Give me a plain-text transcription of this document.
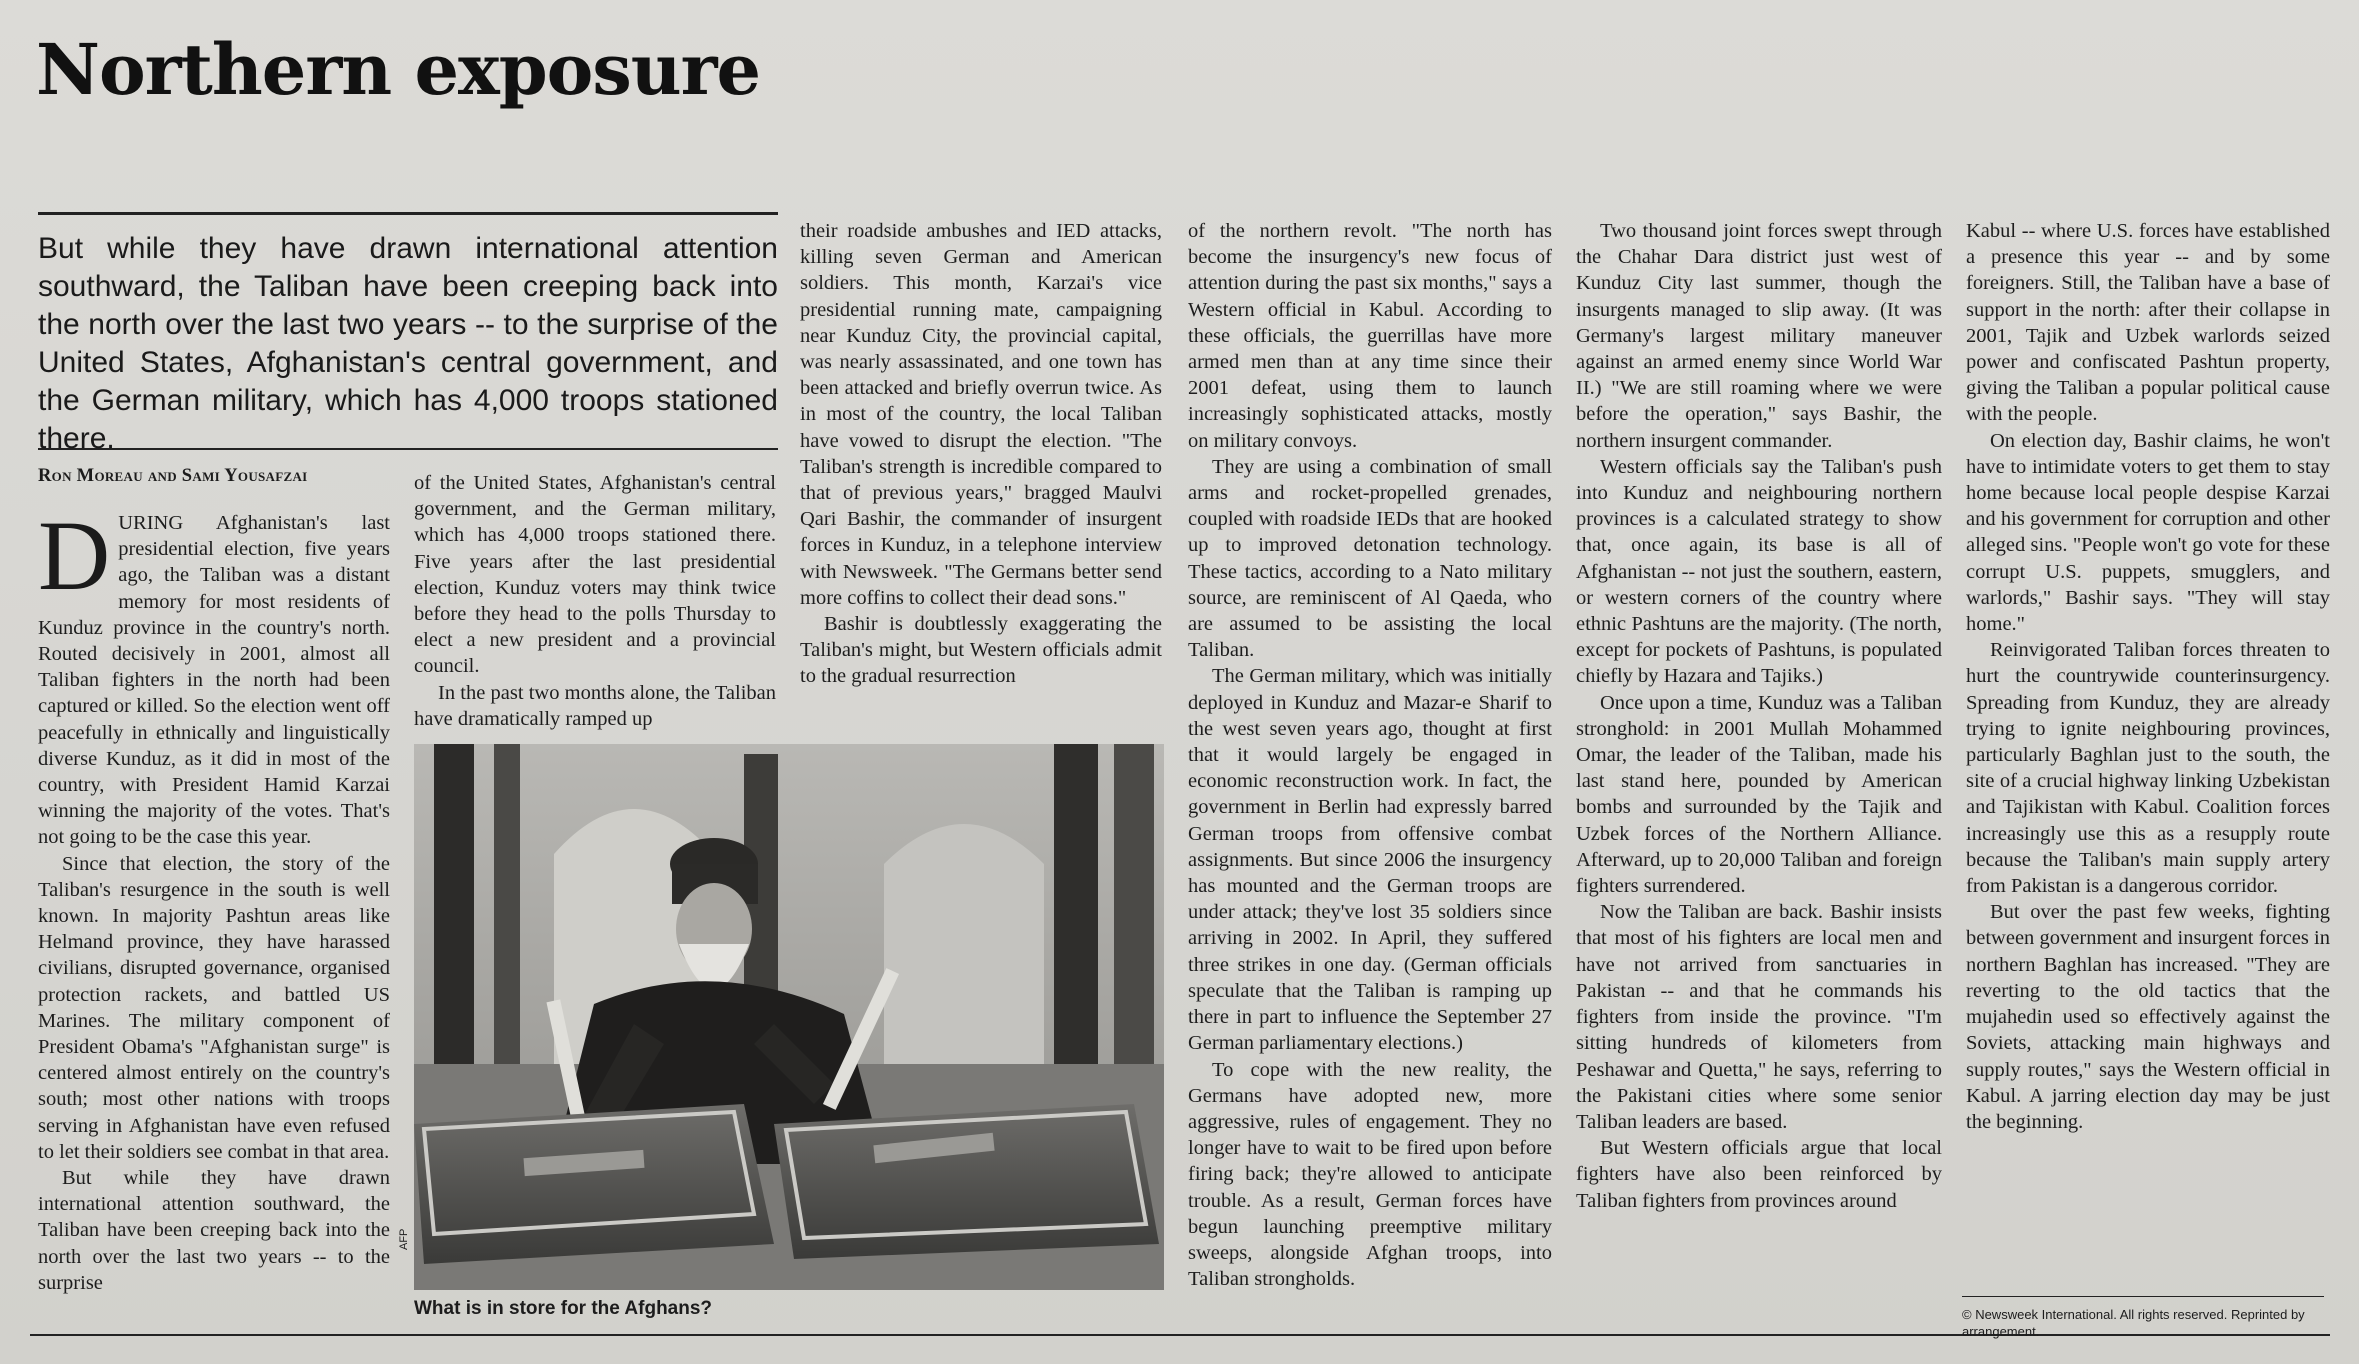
Northern exposure
But while they have drawn international attention southward, the Taliban have been creeping back into the north over the last two years -- to the surprise of the United States, Afghanistan's central government, and the German military, which has 4,000 troops stationed there.
Ron Moreau and Sami Yousafzai

DURING Afghanistan's last presidential election, five years ago, the Taliban was a distant memory for most residents of Kunduz province in the country's north. Routed decisively in 2001, almost all Taliban fighters in the north had been captured or killed. So the election went off peacefully in ethnically and linguistically diverse Kunduz, as it did in most of the country, with President Hamid Karzai winning the majority of the votes. That's not going to be the case this year.

Since that election, the story of the Taliban's resurgence in the south is well known. In majority Pashtun areas like Helmand province, they have harassed civilians, disrupted governance, organised protection rackets, and battled US Marines. The military component of President Obama's "Afghanistan surge" is centered almost entirely on the country's south; most other nations with troops serving in Afghanistan have even refused to let their soldiers see combat in that area.

But while they have drawn international attention southward, the Taliban have been creeping back into the north over the last two years -- to the surprise

of the United States, Afghanistan's central government, and the German military, which has 4,000 troops stationed there. Five years after the last presidential election, Kunduz voters may think twice before they head to the polls Thursday to elect a new president and a provincial council.

In the past two months alone, the Taliban have dramatically ramped up

their roadside ambushes and IED attacks, killing seven German and American soldiers. This month, Karzai's vice presidential running mate, campaigning near Kunduz City, the provincial capital, was nearly assassinated, and one town has been attacked and briefly overrun twice. As in most of the country, the local Taliban have vowed to disrupt the election. "The Taliban's strength is incredible compared to that of previous years," bragged Maulvi Qari Bashir, the commander of insurgent forces in Kunduz, in a telephone interview with Newsweek. "The Germans better send more coffins to collect their dead sons."

Bashir is doubtlessly exaggerating the Taliban's might, but Western officials admit to the gradual resurrection

of the northern revolt. "The north has become the insurgency's new focus of attention during the past six months," says a Western official in Kabul. According to these officials, the guerrillas have more armed men than at any time since their 2001 defeat, using them to launch increasingly sophisticated attacks, mostly on military convoys.

They are using a combination of small arms and rocket-propelled grenades, coupled with roadside IEDs that are hooked up to improved detonation technology. These tactics, according to a Nato military source, are reminiscent of Al Qaeda, who are assumed to be assisting the local Taliban.

The German military, which was initially deployed in Kunduz and Mazar-e Sharif to the west seven years ago, thought at first that it would largely be engaged in economic reconstruction work. In fact, the government in Berlin had expressly barred German troops from offensive combat assignments. But since 2006 the insurgency has mounted and the German troops are under attack; they've lost 35 soldiers since arriving in 2002. In April, they suffered three strikes in one day. (German officials speculate that the Taliban is ramping up there in part to influence the September 27 German parliamentary elections.)

To cope with the new reality, the Germans have adopted new, more aggressive, rules of engagement. They no longer have to wait to be fired upon before firing back; they're allowed to anticipate trouble. As a result, German forces have begun launching preemptive military sweeps, alongside Afghan troops, into Taliban strongholds.

Two thousand joint forces swept through the Chahar Dara district just west of Kunduz City last summer, though the insurgents managed to slip away. (It was Germany's largest military maneuver against an armed enemy since World War II.) "We are still roaming where we were before the operation," says Bashir, the northern insurgent commander.

Western officials say the Taliban's push into Kunduz and neighbouring northern provinces is a calculated strategy to show that, once again, its base is all of Afghanistan -- not just the southern, eastern, or western corners of the country where ethnic Pashtuns are the majority. (The north, except for pockets of Pashtuns, is populated chiefly by Hazara and Tajiks.)

Once upon a time, Kunduz was a Taliban stronghold: in 2001 Mullah Mohammed Omar, the leader of the Taliban, made his last stand here, pounded by American bombs and surrounded by the Tajik and Uzbek forces of the Northern Alliance. Afterward, up to 20,000 Taliban and foreign fighters surrendered.

Now the Taliban are back. Bashir insists that most of his fighters are local men and have not arrived from sanctuaries in Pakistan -- and that he commands his fighters from inside the province. "I'm sitting hundreds of kilometers from Peshawar and Quetta," he says, referring to the Pakistani cities where some senior Taliban leaders are based.

But Western officials argue that local fighters have also been reinforced by Taliban fighters from provinces around

Kabul -- where U.S. forces have established a presence this year -- and by some foreigners. Still, the Taliban have a base of support in the north: after their collapse in 2001, Tajik and Uzbek warlords seized power and confiscated Pashtun property, giving the Taliban a popular political cause with the people.

On election day, Bashir claims, he won't have to intimidate voters to get them to stay home because local people despise Karzai and his government for corruption and other alleged sins. "People won't go vote for these corrupt U.S. puppets, smugglers, and warlords," Bashir says. "They will stay home."

Reinvigorated Taliban forces threaten to hurt the countrywide counterinsurgency. Spreading from Kunduz, they are already trying to ignite neighbouring provinces, particularly Baghlan just to the south, the site of a crucial highway linking Uzbekistan and Tajikistan with Kabul. Coalition forces increasingly use this as a resupply route because the Taliban's main supply artery from Pakistan is a dangerous corridor.

But over the past few weeks, fighting between government and insurgent forces in northern Baghlan has increased. "They are reverting to the old tactics that the mujahedin used so effectively against the Soviets, attacking main highways and supply routes," says the Western official in Kabul. A jarring election day may be just the beginning.

AFP
What is in store for the Afghans?	© Newsweek International. All rights reserved. Reprinted by arrangement.
